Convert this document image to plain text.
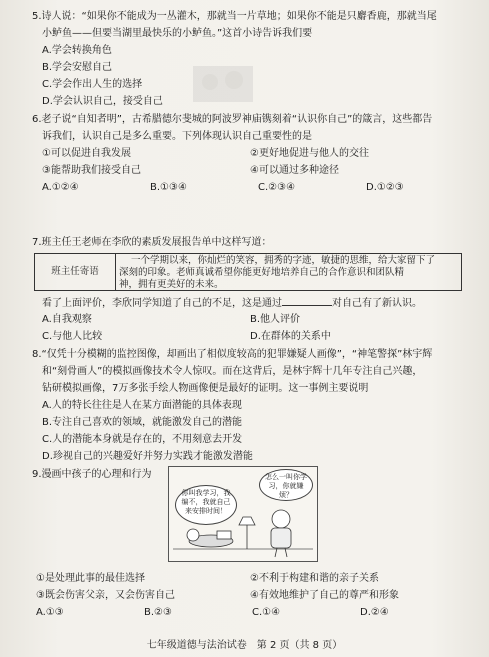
5.诗人说：“如果你不能成为一丛灌木，那就当一片草地；如果你不能是只麝香鹿，那就当尾
小鲈鱼——但要当湖里最快乐的小鲈鱼。”这首小诗告诉我们要
A.学会转换角色
B.学会安慰自己
C.学会作出人生的选择
D.学会认识自己，接受自己
6.老子说“自知者明”，古希腊德尔斐城的阿波罗神庙镌刻着“认识你自己”的箴言，这些都告
诉我们，认识自己是多么重要。下列体现认识自己重要性的是
①可以促进自我发展	②更好地促进与他人的交往
③能帮助我们接受自己	④可以通过多种途径
A.①②④	B.①③④	C.②③④	D.①②③
7.班主任王老师在李欣的素质发展报告单中这样写道：
班主任寄语
一个学期以来，你灿烂的笑容，拥秀的字迹，敏捷的思维，给大家留下了
深刻的印象。老师真诚希望你能更好地培养自己的合作意识和团队精
神，拥有更美好的未来。
看了上面评价，李欣同学知道了自己的不足，这是通过	对自己有了新认识。
A.自我观察	B.他人评价
C.与他人比较	D.在群体的关系中
8.“仅凭十分模糊的监控图像，却画出了相似度较高的犯罪嫌疑人画像”，“神笔警探”林宇辉
和“刻骨画人”的模拟画像技术令人惊叹。而在这背后，是林宇辉十几年专注自己兴趣，
钻研模拟画像，7万多张手绘人物画像便是最好的证明。这一事例主要说明
A.人的特长往往是人在某方面潜能的具体表现
B.专注自己喜欢的领域，就能激发自己的潜能
C.人的潜能本身就是存在的，不用刻意去开发
D.珍视自己的兴趣爱好并努力实践才能激发潜能
9.漫画中孩子的心理和行为
你叫我学习，我编不，我就自己来安排时间！
怎么一叫你学习，你就嫌烦？
①是处理此事的最佳选择	②不利于构建和谐的亲子关系
③既会伤害父亲，又会伤害自己	④有效地维护了自己的尊严和形象
A.①③	B.②③	C.①④	D.②④
七年级道德与法治试卷　第 2 页（共 8 页）
